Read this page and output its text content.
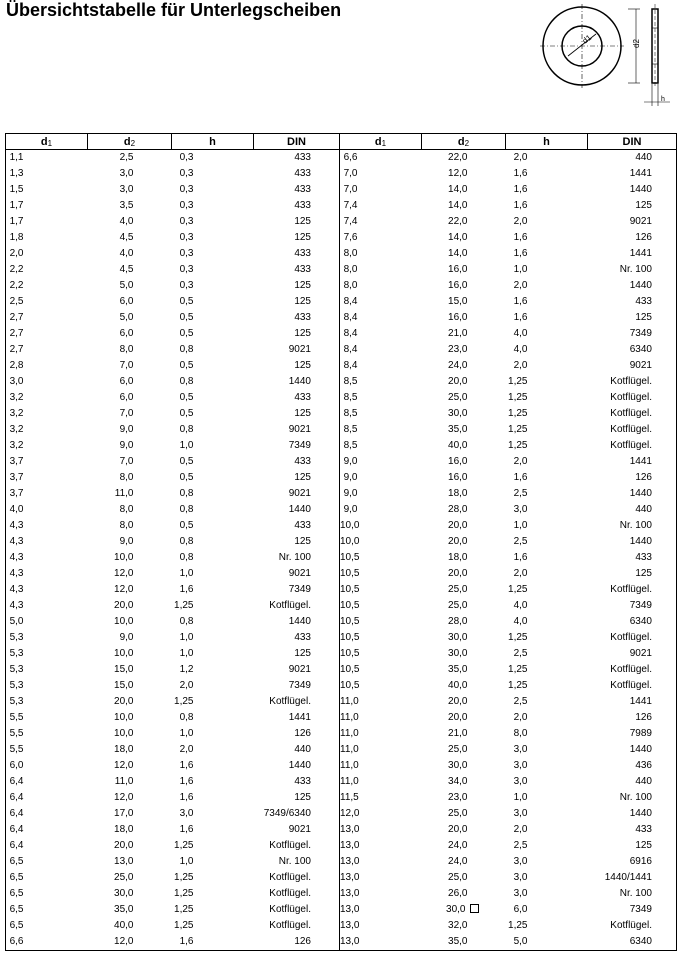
Übersichtstabelle für Unterlegscheiben
d1	d2
h
$d_1$	$d_2$	h	DIN	$d_1$	$d_2$	h	DIN
1,1	2,5	0,3	433	6,6	22,0	2,0	440
1,3	3,0	0,3	433	7,0	12,0	1,6	1441
1,5	3,0	0,3	433	7,0	14,0	1,6	1440
1,7	3,5	0,3	433	7,4	14,0	1,6	125
1,7	4,0	0,3	125	7,4	22,0	2,0	9021
1,8	4,5	0,3	125	7,6	14,0	1,6	126
2,0	4,0	0,3	433	8,0	14,0	1,6	1441
2,2	4,5	0,3	433	8,0	16,0	1,0	Nr. 100
2,2	5,0	0,3	125	8,0	16,0	2,0	1440
2,5	6,0	0,5	125	8,4	15,0	1,6	433
2,7	5,0	0,5	433	8,4	16,0	1,6	125
2,7	6,0	0,5	125	8,4	21,0	4,0	7349
2,7	8,0	0,8	9021	8,4	23,0	4,0	6340
2,8	7,0	0,5	125	8,4	24,0	2,0	9021
3,0	6,0	0,8	1440	8,5	20,0	1,25	Kotflügel.
3,2	6,0	0,5	433	8,5	25,0	1,25	Kotflügel.
3,2	7,0	0,5	125	8,5	30,0	1,25	Kotflügel.
3,2	9,0	0,8	9021	8,5	35,0	1,25	Kotflügel.
3,2	9,0	1,0	7349	8,5	40,0	1,25	Kotflügel.
3,7	7,0	0,5	433	9,0	16,0	2,0	1441
3,7	8,0	0,5	125	9,0	16,0	1,6	126
3,7	11,0	0,8	9021	9,0	18,0	2,5	1440
4,0	8,0	0,8	1440	9,0	28,0	3,0	440
4,3	8,0	0,5	433	10,0	20,0	1,0	Nr. 100
4,3	9,0	0,8	125	10,0	20,0	2,5	1440
4,3	10,0	0,8	Nr. 100	10,5	18,0	1,6	433
4,3	12,0	1,0	9021	10,5	20,0	2,0	125
4,3	12,0	1,6	7349	10,5	25,0	1,25	Kotflügel.
4,3	20,0	1,25	Kotflügel.	10,5	25,0	4,0	7349
5,0	10,0	0,8	1440	10,5	28,0	4,0	6340
5,3	9,0	1,0	433	10,5	30,0	1,25	Kotflügel.
5,3	10,0	1,0	125	10,5	30,0	2,5	9021
5,3	15,0	1,2	9021	10,5	35,0	1,25	Kotflügel.
5,3	15,0	2,0	7349	10,5	40,0	1,25	Kotflügel.
5,3	20,0	1,25	Kotflügel.	11,0	20,0	2,5	1441
5,5	10,0	0,8	1441	11,0	20,0	2,0	126
5,5	10,0	1,0	126	11,0	21,0	8,0	7989
5,5	18,0	2,0	440	11,0	25,0	3,0	1440
6,0	12,0	1,6	1440	11,0	30,0	3,0	436
6,4	11,0	1,6	433	11,0	34,0	3,0	440
6,4	12,0	1,6	125	11,5	23,0	1,0	Nr. 100
6,4	17,0	3,0	7349/6340	12,0	25,0	3,0	1440
6,4	18,0	1,6	9021	13,0	20,0	2,0	433
6,4	20,0	1,25	Kotflügel.	13,0	24,0	2,5	125
6,5	13,0	1,0	Nr. 100	13,0	24,0	3,0	6916
6,5	25,0	1,25	Kotflügel.	13,0	25,0	3,0	1440/1441
6,5	30,0	1,25	Kotflügel.	13,0	26,0	3,0	Nr. 100
6,5	35,0	1,25	Kotflügel.	13,0	30,0	6,0	7349
6,5	40,0	1,25	Kotflügel.	13,0	32,0	1,25	Kotflügel.
6,6	12,0	1,6	126	13,0	35,0	5,0	6340
